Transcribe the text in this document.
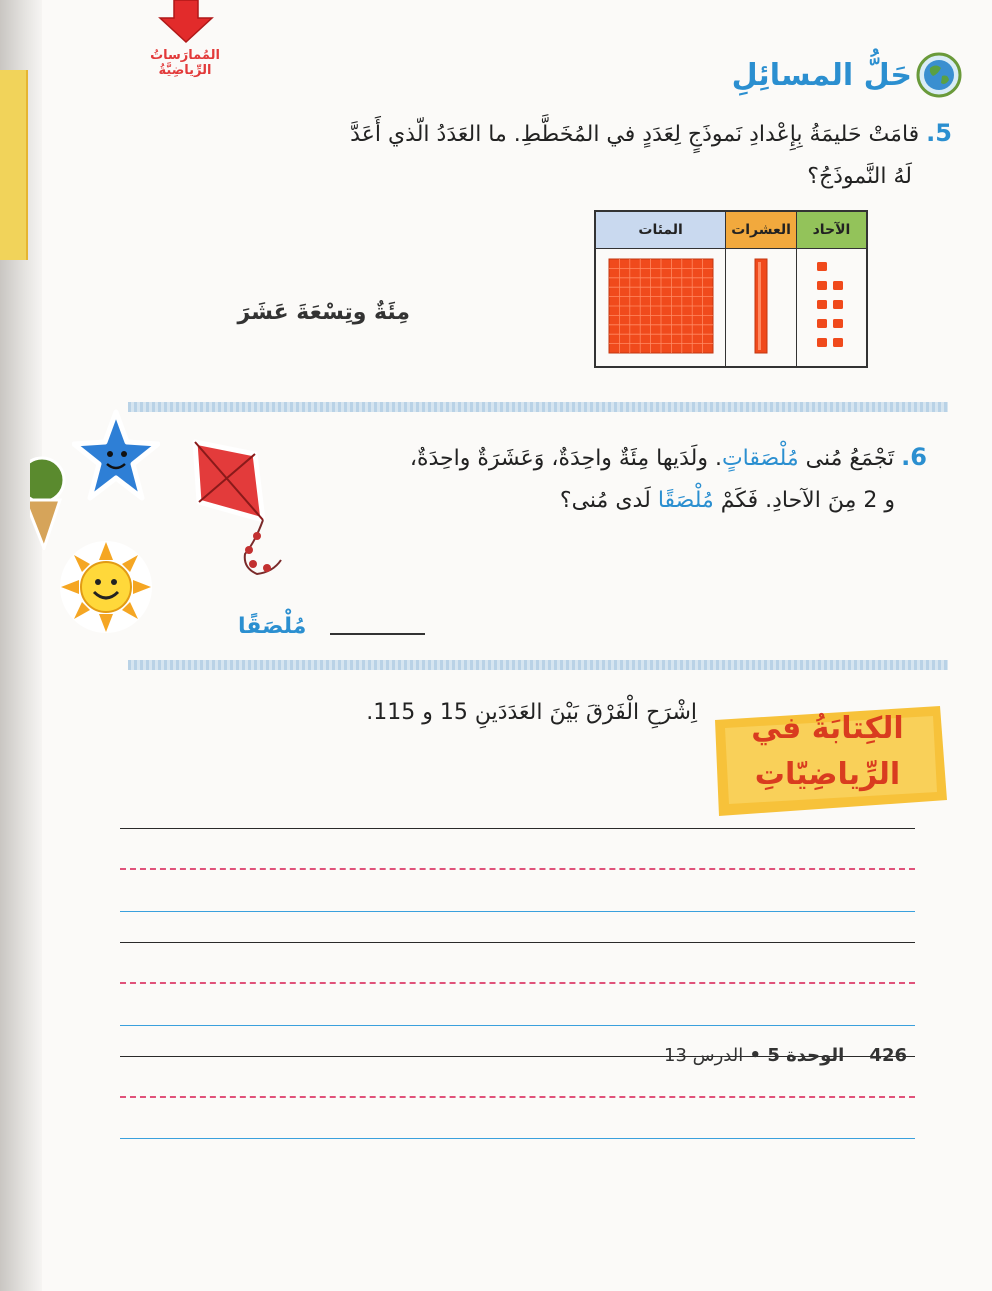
المُمارَساتُ
الرِّياضِيَّةُ	حَلُّ المسائِلِ
5. قامَتْ حَليمَةُ بِإِعْدادِ نَموذَجٍ لِعَدَدٍ في المُخَطَّطِ. ما العَدَدُ الّذي أَعَدَّ
لَهُ النَّموذَجُ؟
المئات	العشرات	الآحاد

مِئَةٌ وتِسْعَةَ عَشَرَ
6. تَجْمَعُ مُنى مُلْصَقاتٍ. ولَدَيها مِئَةٌ واحِدَةٌ، وَعَشَرَةٌ واحِدَةٌ،
و 2 مِنَ الآحادِ. فَكَمْ مُلْصَقًا لَدى مُنى؟
مُلْصَقًا
الكِتابَةُ في
الرِّياضِيّاتِ
اِشْرَحِ الْفَرْقَ بَيْنَ العَدَدَينِ 15 و 115.
426    الوحدة 5 • الدرس 13
